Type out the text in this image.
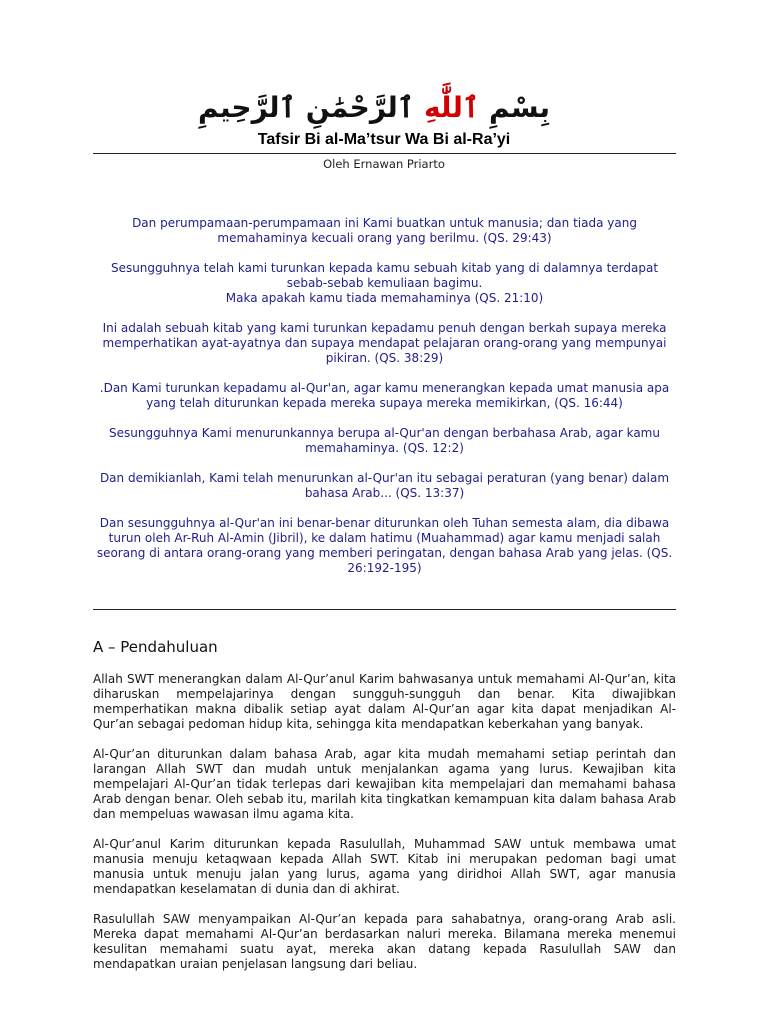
بِسْمِ ٱللَّٰهِ ٱلرَّحْمَٰنِ ٱلرَّحِيمِ
Tafsir Bi al-Ma’tsur Wa Bi al-Ra’yi
Oleh Ernawan Priarto

Dan perumpamaan-perumpamaan ini Kami buatkan untuk manusia; dan tiada yang memahaminya kecuali orang yang berilmu. (QS. 29:43)

Sesungguhnya telah kami turunkan kepada kamu sebuah kitab yang di dalamnya terdapat sebab-sebab kemuliaan bagimu.
Maka apakah kamu tiada memahaminya (QS. 21:10)

Ini adalah sebuah kitab yang kami turunkan kepadamu penuh dengan berkah supaya mereka memperhatikan ayat-ayatnya dan supaya mendapat pelajaran orang-orang yang mempunyai pikiran. (QS. 38:29)

.Dan Kami turunkan kepadamu al-Qur'an, agar kamu menerangkan kepada umat manusia apa yang telah diturunkan kepada mereka supaya mereka memikirkan, (QS. 16:44)

Sesungguhnya Kami menurunkannya berupa al-Qur'an dengan berbahasa Arab, agar kamu memahaminya. (QS. 12:2)

Dan demikianlah, Kami telah menurunkan al-Qur'an itu sebagai peraturan (yang benar) dalam bahasa Arab... (QS. 13:37)

Dan sesungguhnya al-Qur'an ini benar-benar diturunkan oleh Tuhan semesta alam, dia dibawa turun oleh Ar-Ruh Al-Amin (Jibril), ke dalam hatimu (Muahammad) agar kamu menjadi salah seorang di antara orang-orang yang memberi peringatan, dengan bahasa Arab yang jelas. (QS. 26:192-195)

A – Pendahuluan

Allah SWT menerangkan dalam Al-Qur’anul Karim bahwasanya untuk memahami Al-Qur’an, kita diharuskan mempelajarinya dengan sungguh-sungguh dan benar. Kita diwajibkan memperhatikan makna dibalik setiap ayat dalam Al-Qur’an agar kita dapat menjadikan Al-Qur’an sebagai pedoman hidup kita, sehingga kita mendapatkan keberkahan yang banyak.

Al-Qur’an diturunkan dalam bahasa Arab, agar kita mudah memahami setiap perintah dan larangan Allah SWT dan mudah untuk menjalankan agama yang lurus. Kewajiban kita mempelajari Al-Qur’an tidak terlepas dari kewajiban kita mempelajari dan memahami bahasa Arab dengan benar. Oleh sebab itu, marilah kita tingkatkan kemampuan kita dalam bahasa Arab dan mempeluas wawasan ilmu agama kita.

Al-Qur’anul Karim diturunkan kepada Rasulullah, Muhammad SAW untuk membawa umat manusia menuju ketaqwaan kepada Allah SWT. Kitab ini merupakan pedoman bagi umat manusia untuk menuju jalan yang lurus, agama yang diridhoi Allah SWT, agar manusia mendapatkan keselamatan di dunia dan di akhirat.

Rasulullah SAW menyampaikan Al-Qur’an kepada para sahabatnya, orang-orang Arab asli. Mereka dapat memahami Al-Qur’an berdasarkan naluri mereka. Bilamana mereka menemui kesulitan memahami suatu ayat, mereka akan datang kepada Rasulullah SAW dan mendapatkan uraian penjelasan langsung dari beliau.
